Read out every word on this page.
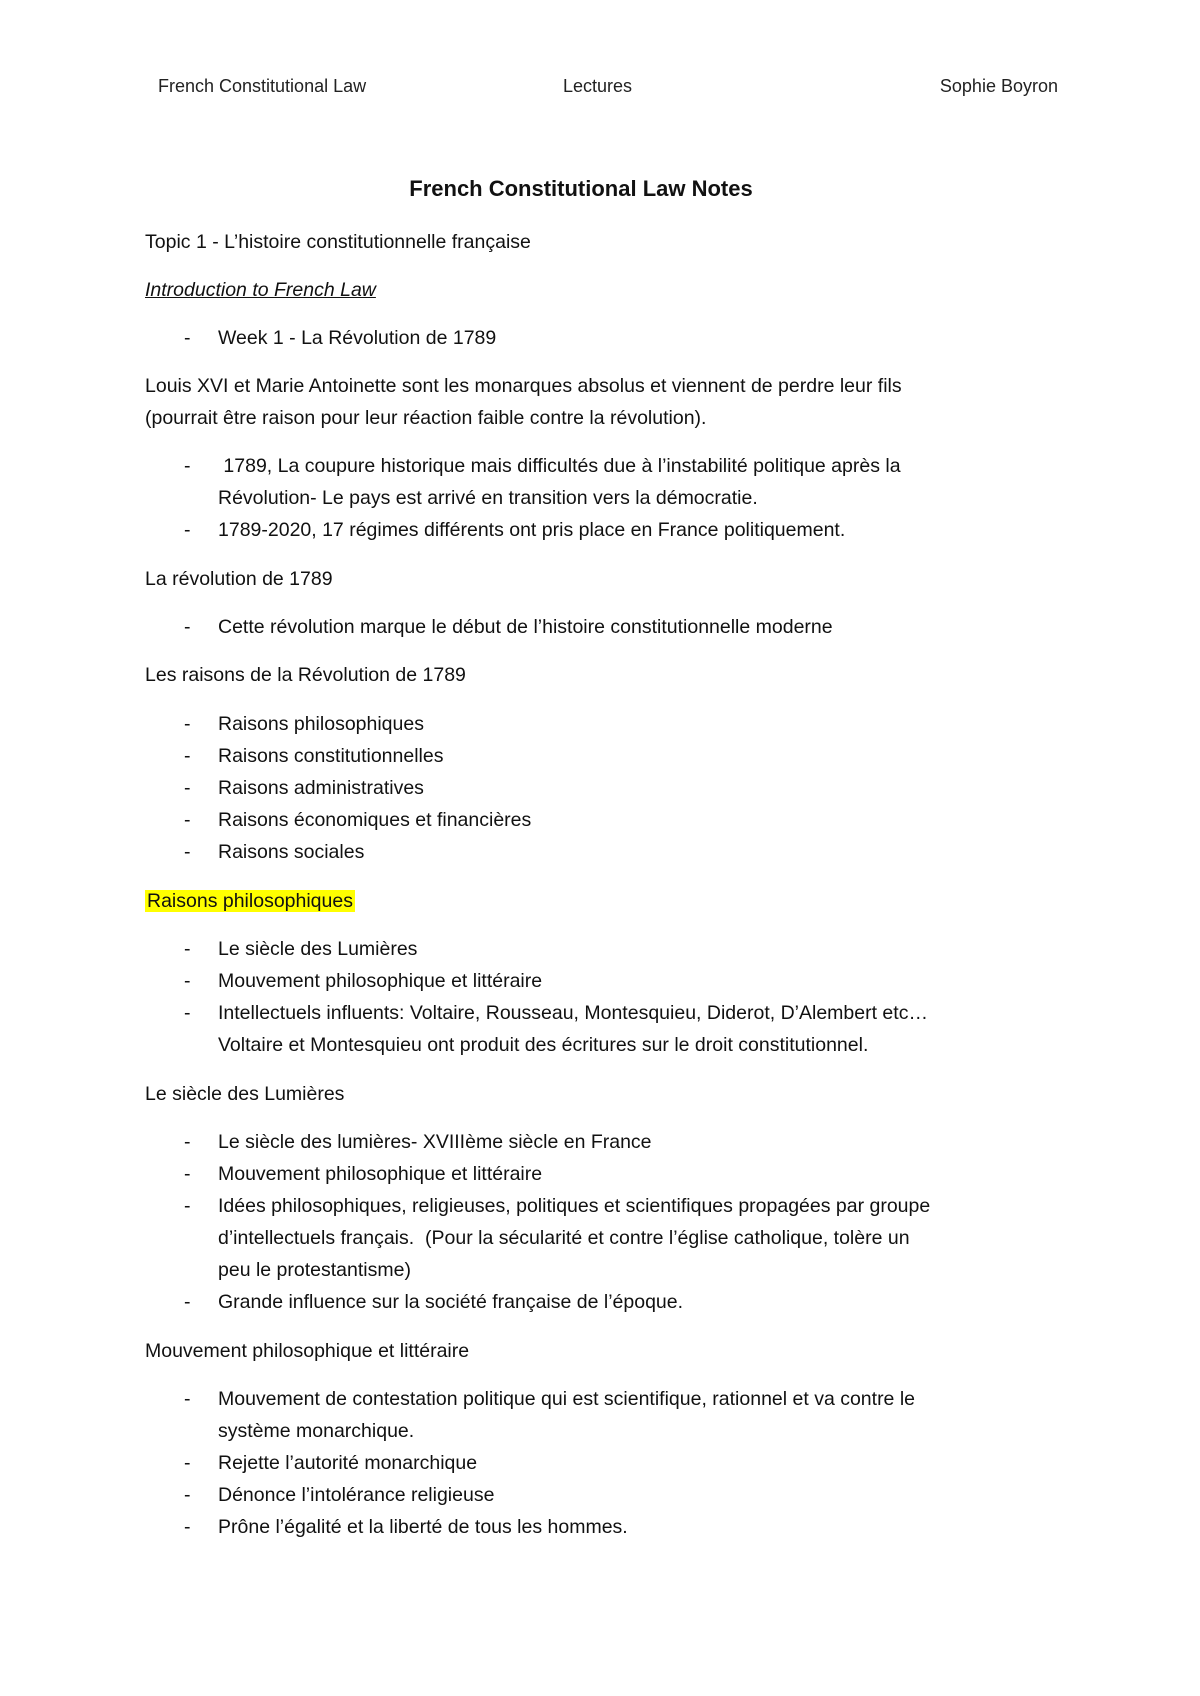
French Constitutional Law	Lectures	Sophie Boyron
French Constitutional Law Notes
Topic 1 - L’histoire constitutionnelle française
Introduction to French Law
- Week 1 - La Révolution de 1789
Louis XVI et Marie Antoinette sont les monarques absolus et viennent de perdre leur fils
(pourrait être raison pour leur réaction faible contre la révolution).
- 1789, La coupure historique mais difficultés due à l’instabilité politique après la
Révolution- Le pays est arrivé en transition vers la démocratie.
- 1789-2020, 17 régimes différents ont pris place en France politiquement.
La révolution de 1789
- Cette révolution marque le début de l’histoire constitutionnelle moderne
Les raisons de la Révolution de 1789
- Raisons philosophiques
- Raisons constitutionnelles
- Raisons administratives
- Raisons économiques et financières
- Raisons sociales
Raisons philosophiques
- Le siècle des Lumières
- Mouvement philosophique et littéraire
- Intellectuels influents: Voltaire, Rousseau, Montesquieu, Diderot, D’Alembert etc…
Voltaire et Montesquieu ont produit des écritures sur le droit constitutionnel.
Le siècle des Lumières
- Le siècle des lumières- XVIIIème siècle en France
- Mouvement philosophique et littéraire
- Idées philosophiques, religieuses, politiques et scientifiques propagées par groupe
d’intellectuels français.  (Pour la sécularité et contre l’église catholique, tolère un
peu le protestantisme)
- Grande influence sur la société française de l’époque.
Mouvement philosophique et littéraire
- Mouvement de contestation politique qui est scientifique, rationnel et va contre le
système monarchique.
- Rejette l’autorité monarchique
- Dénonce l’intolérance religieuse
- Prône l’égalité et la liberté de tous les hommes.
